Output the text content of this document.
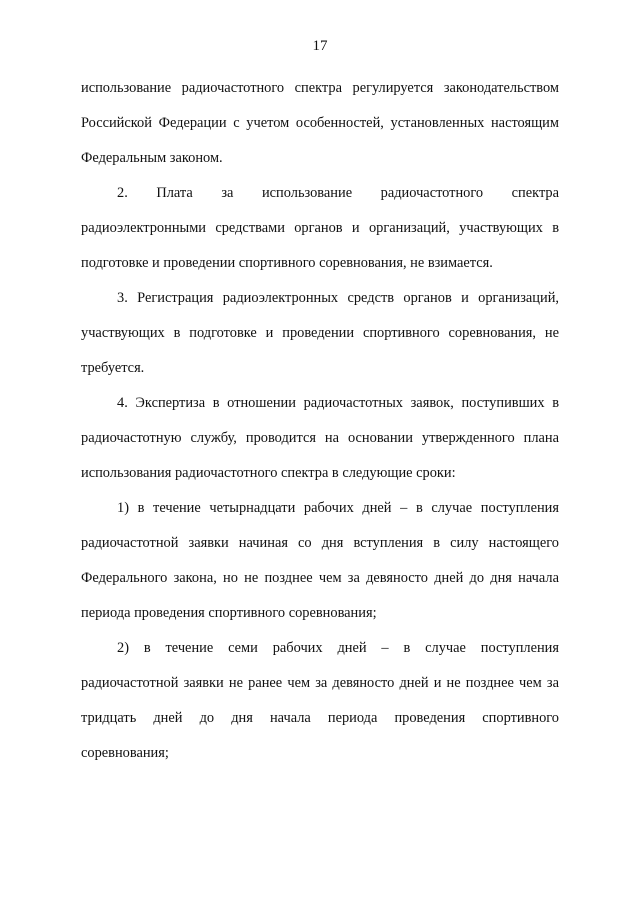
17
использование радиочастотного спектра регулируется законодательством
Российской Федерации с учетом особенностей, установленных настоящим
Федеральным законом.
2. Плата за использование радиочастотного спектра
радиоэлектронными средствами органов и организаций, участвующих в
подготовке и проведении спортивного соревнования, не взимается.
3. Регистрация радиоэлектронных средств органов и организаций,
участвующих в подготовке и проведении спортивного соревнования, не
требуется.
4. Экспертиза в отношении радиочастотных заявок, поступивших в
радиочастотную службу, проводится на основании утвержденного плана
использования радиочастотного спектра в следующие сроки:
1) в течение четырнадцати рабочих дней – в случае поступления
радиочастотной заявки начиная со дня вступления в силу настоящего
Федерального закона, но не позднее чем за девяносто дней до дня начала
периода проведения спортивного соревнования;
2) в течение семи рабочих дней – в случае поступления
радиочастотной заявки не ранее чем за девяносто дней и не позднее чем за
тридцать дней до дня начала периода проведения спортивного
соревнования;
